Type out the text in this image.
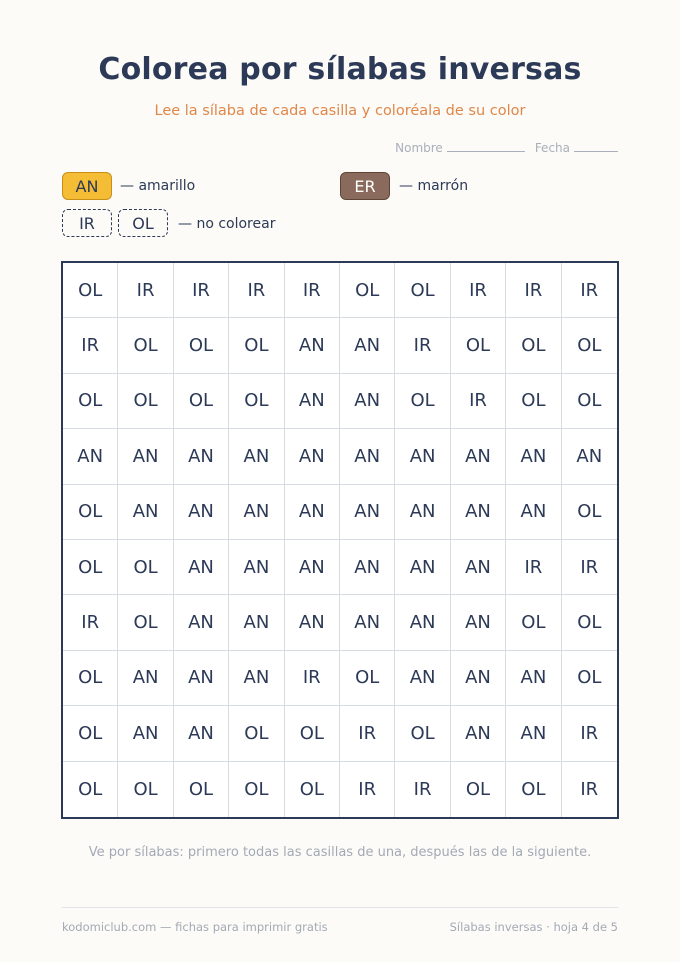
Colorea por sílabas inversas
Lee la sílaba de cada casilla y coloréala de su color
Nombre	Fecha
AN	— amarillo	ER	— marrón
IR	OL	— no colorear
OL	IR	IR	IR	IR	OL	OL	IR	IR	IR
IR	OL	OL	OL	AN	AN	IR	OL	OL	OL
OL	OL	OL	OL	AN	AN	OL	IR	OL	OL
AN	AN	AN	AN	AN	AN	AN	AN	AN	AN
OL	AN	AN	AN	AN	AN	AN	AN	AN	OL
OL	OL	AN	AN	AN	AN	AN	AN	IR	IR
IR	OL	AN	AN	AN	AN	AN	AN	OL	OL
OL	AN	AN	AN	IR	OL	AN	AN	AN	OL
OL	AN	AN	OL	OL	IR	OL	AN	AN	IR
OL	OL	OL	OL	OL	IR	IR	OL	OL	IR
Ve por sílabas: primero todas las casillas de una, después las de la siguiente.
kodomiclub.com — fichas para imprimir gratis	Sílabas inversas · hoja 4 de 5
